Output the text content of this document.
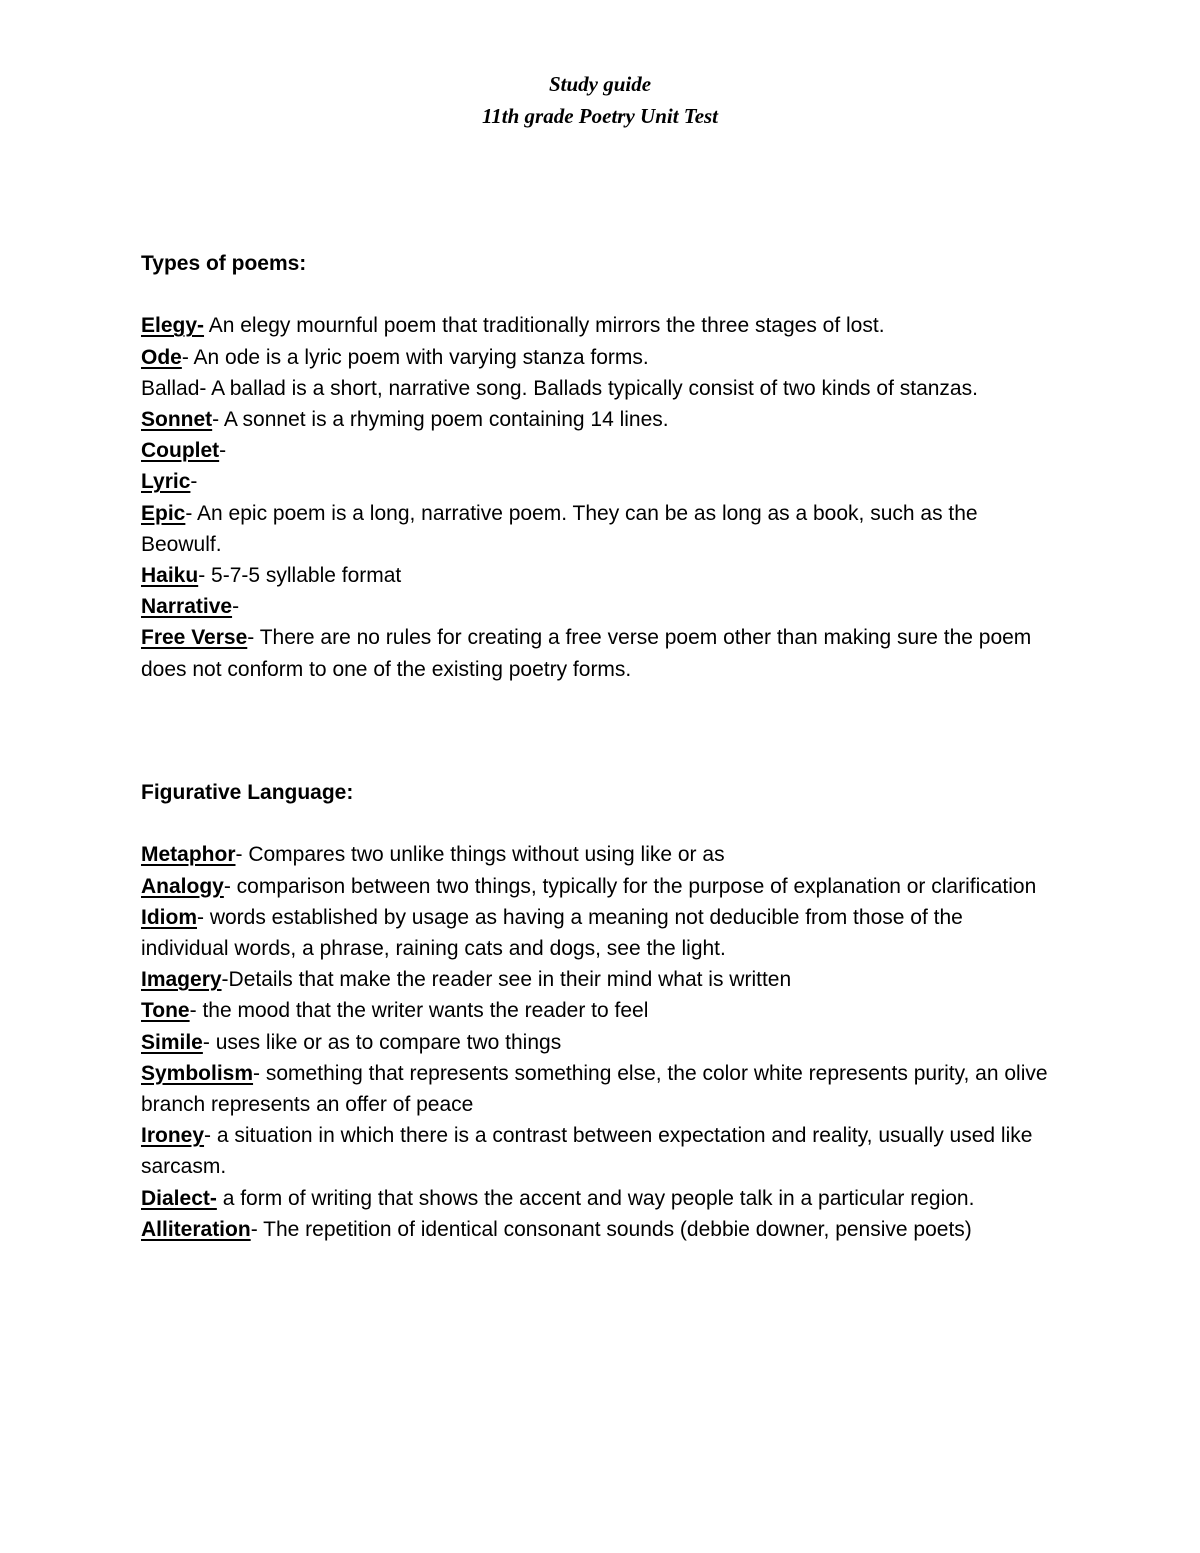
Study guide
11th grade Poetry Unit Test
Types of poems:
Elegy- An elegy mournful poem that traditionally mirrors the three stages of lost.
Ode- An ode is a lyric poem with varying stanza forms.
Ballad- A ballad is a short, narrative song. Ballads typically consist of two kinds of stanzas.
Sonnet- A sonnet is a rhyming poem containing 14 lines.
Couplet-
Lyric-
Epic- An epic poem is a long, narrative poem. They can be as long as a book, such as the Beowulf.
Haiku- 5-7-5 syllable format
Narrative-
Free Verse- There are no rules for creating a free verse poem other than making sure the poem does not conform to one of the existing poetry forms.
Figurative Language:
Metaphor- Compares two unlike things without using like or as
Analogy- comparison between two things, typically for the purpose of explanation or clarification
Idiom- words established by usage as having a meaning not deducible from those of the individual words, a phrase, raining cats and dogs, see the light.
Imagery-Details that make the reader see in their mind what is written
Tone- the mood that the writer wants the reader to feel
Simile- uses like or as to compare two things
Symbolism- something that represents something else, the color white represents purity, an olive branch represents an offer of peace
Ironey- a situation in which there is a contrast between expectation and reality, usually used like sarcasm.
Dialect- a form of writing that shows the accent and way people talk in a particular region.
Alliteration- The repetition of identical consonant sounds (debbie downer, pensive poets)
